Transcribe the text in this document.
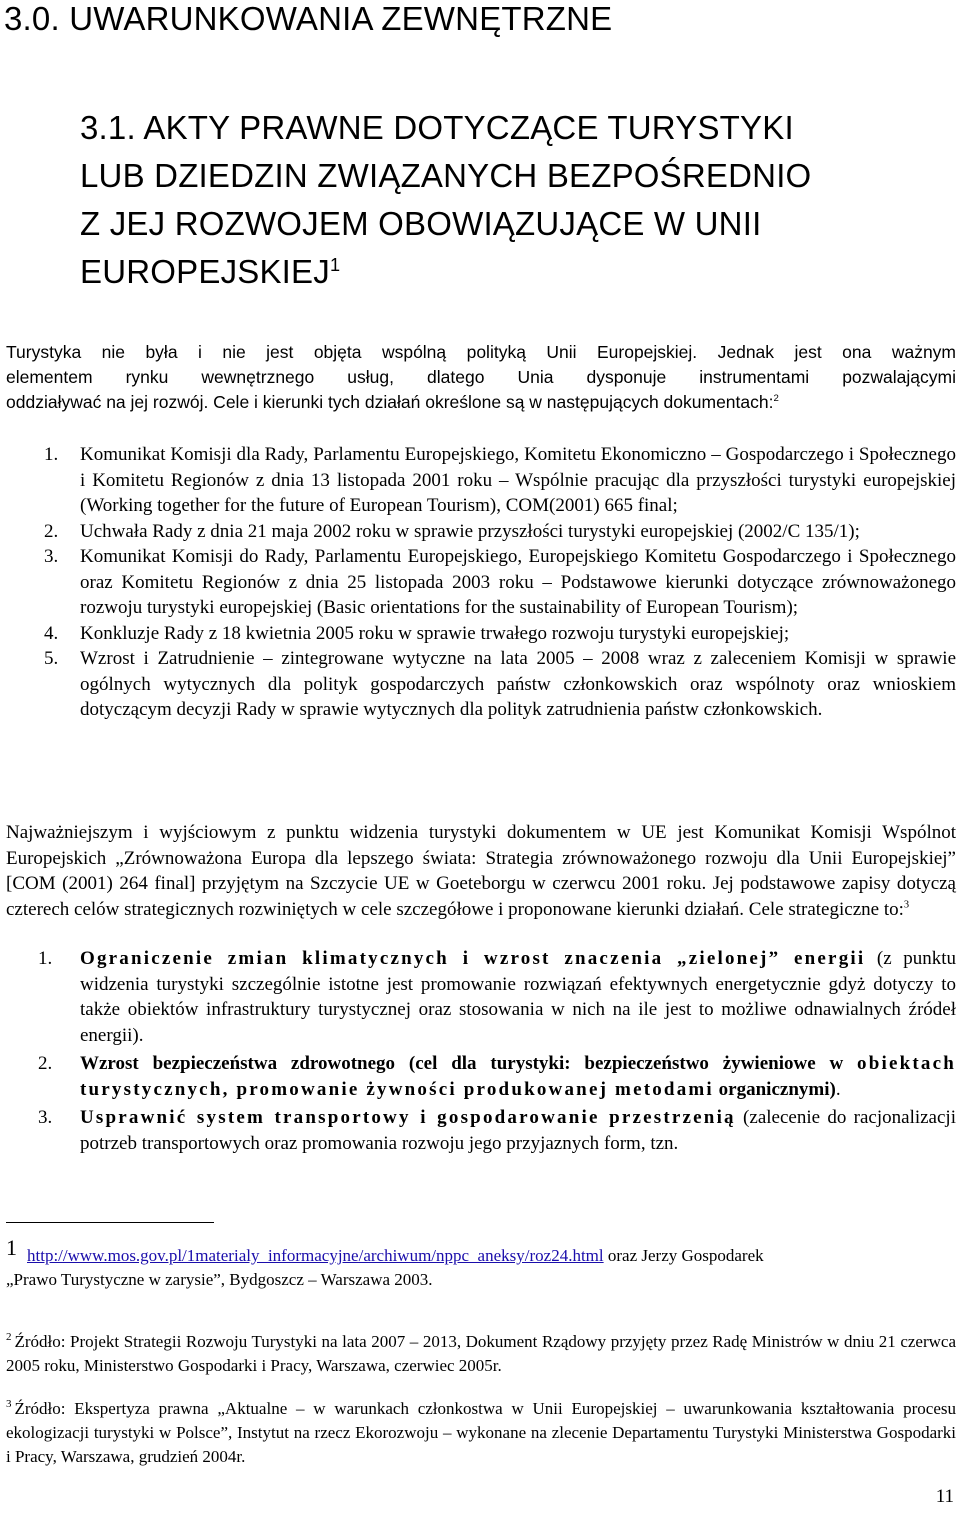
3.0. UWARUNKOWANIA ZEWNĘTRZNE
3.1. AKTY PRAWNE DOTYCZĄCE TURYSTYKI
LUB DZIEDZIN ZWIĄZANYCH BEZPOŚREDNIO
Z JEJ ROZWOJEM OBOWIĄZUJĄCE W UNII
EUROPEJSKIEJ$^1$
Turystyka nie była i nie jest objęta wspólną polityką Unii Europejskiej. Jednak jest ona ważnym
elementem rynku wewnętrznego usług, dlatego Unia dysponuje instrumentami pozwalającymi
oddziaływać na jej rozwój. Cele i kierunki tych działań określone są w następujących dokumentach:$^2$
1. Komunikat Komisji dla Rady, Parlamentu Europejskiego, Komitetu Ekonomiczno – Gospodarczego i Społecznego i Komitetu Regionów z dnia 13 listopada 2001 roku – Wspólnie pracując dla przyszłości turystyki europejskiej (Working together for the future of European Tourism), COM(2001) 665 final;
2. Uchwała Rady z dnia 21 maja 2002 roku w sprawie przyszłości turystyki europejskiej (2002/C 135/1);
3. Komunikat Komisji do Rady, Parlamentu Europejskiego, Europejskiego Komitetu Gospodarczego i Społecznego oraz Komitetu Regionów z dnia 25 listopada 2003 roku – Podstawowe kierunki dotyczące zrównoważonego rozwoju turystyki europejskiej (Basic orientations for the sustainability of European Tourism);
4. Konkluzje Rady z 18 kwietnia 2005 roku w sprawie trwałego rozwoju turystyki europejskiej;
5. Wzrost i Zatrudnienie – zintegrowane wytyczne na lata 2005 – 2008 wraz z zaleceniem Komisji w sprawie ogólnych wytycznych dla polityk gospodarczych państw członkowskich oraz wspólnoty oraz wnioskiem dotyczącym decyzji Rady w sprawie wytycznych dla polityk zatrudnienia państw członkowskich.

Najważniejszym i wyjściowym z punktu widzenia turystyki dokumentem w UE jest Komunikat Komisji Wspólnot Europejskich „Zrównoważona Europa dla lepszego świata: Strategia zrównoważonego rozwoju dla Unii Europejskiej” [COM (2001) 264 final] przyjętym na Szczycie UE w Goeteborgu w czerwcu 2001 roku. Jej podstawowe zapisy dotyczą czterech celów strategicznych rozwiniętych w cele szczegółowe i proponowane kierunki działań. Cele strategiczne to:$^3$

1. Ograniczenie zmian klimatycznych i wzrost znaczenia „zielonej” energii (z punktu widzenia turystyki szczególnie istotne jest promowanie rozwiązań efektywnych energetycznie gdyż dotyczy to także obiektów infrastruktury turystycznej oraz stosowania w nich na ile jest to możliwe odnawialnych źródeł energii).
2. Wzrost bezpieczeństwa zdrowotnego (cel dla turystyki: bezpieczeństwo żywieniowe w obiektach turystycznych, promowanie żywności produkowanej metodami organicznymi).
3. Usprawnić system transportowy i gospodarowanie przestrzenią (zalecenie do racjonalizacji potrzeb transportowych oraz promowania rozwoju jego przyjaznych form, tzn.
1 http://www.mos.gov.pl/1materialy_informacyjne/archiwum/nppc_aneksy/roz24.html oraz Jerzy Gospodarek
„Prawo Turystyczne w zarysie”, Bydgoszcz – Warszawa 2003.
$^2$ Źródło: Projekt Strategii Rozwoju Turystyki na lata 2007 – 2013, Dokument Rządowy przyjęty przez Radę Ministrów w dniu 21 czerwca 2005 roku, Ministerstwo Gospodarki i Pracy, Warszawa, czerwiec 2005r.
$^3$ Źródło: Ekspertyza prawna „Aktualne – w warunkach członkostwa w Unii Europejskiej – uwarunkowania kształtowania procesu ekologizacji turystyki w Polsce”, Instytut na rzecz Ekorozwoju – wykonane na zlecenie Departamentu Turystyki Ministerstwa Gospodarki i Pracy, Warszawa, grudzień 2004r.
11
